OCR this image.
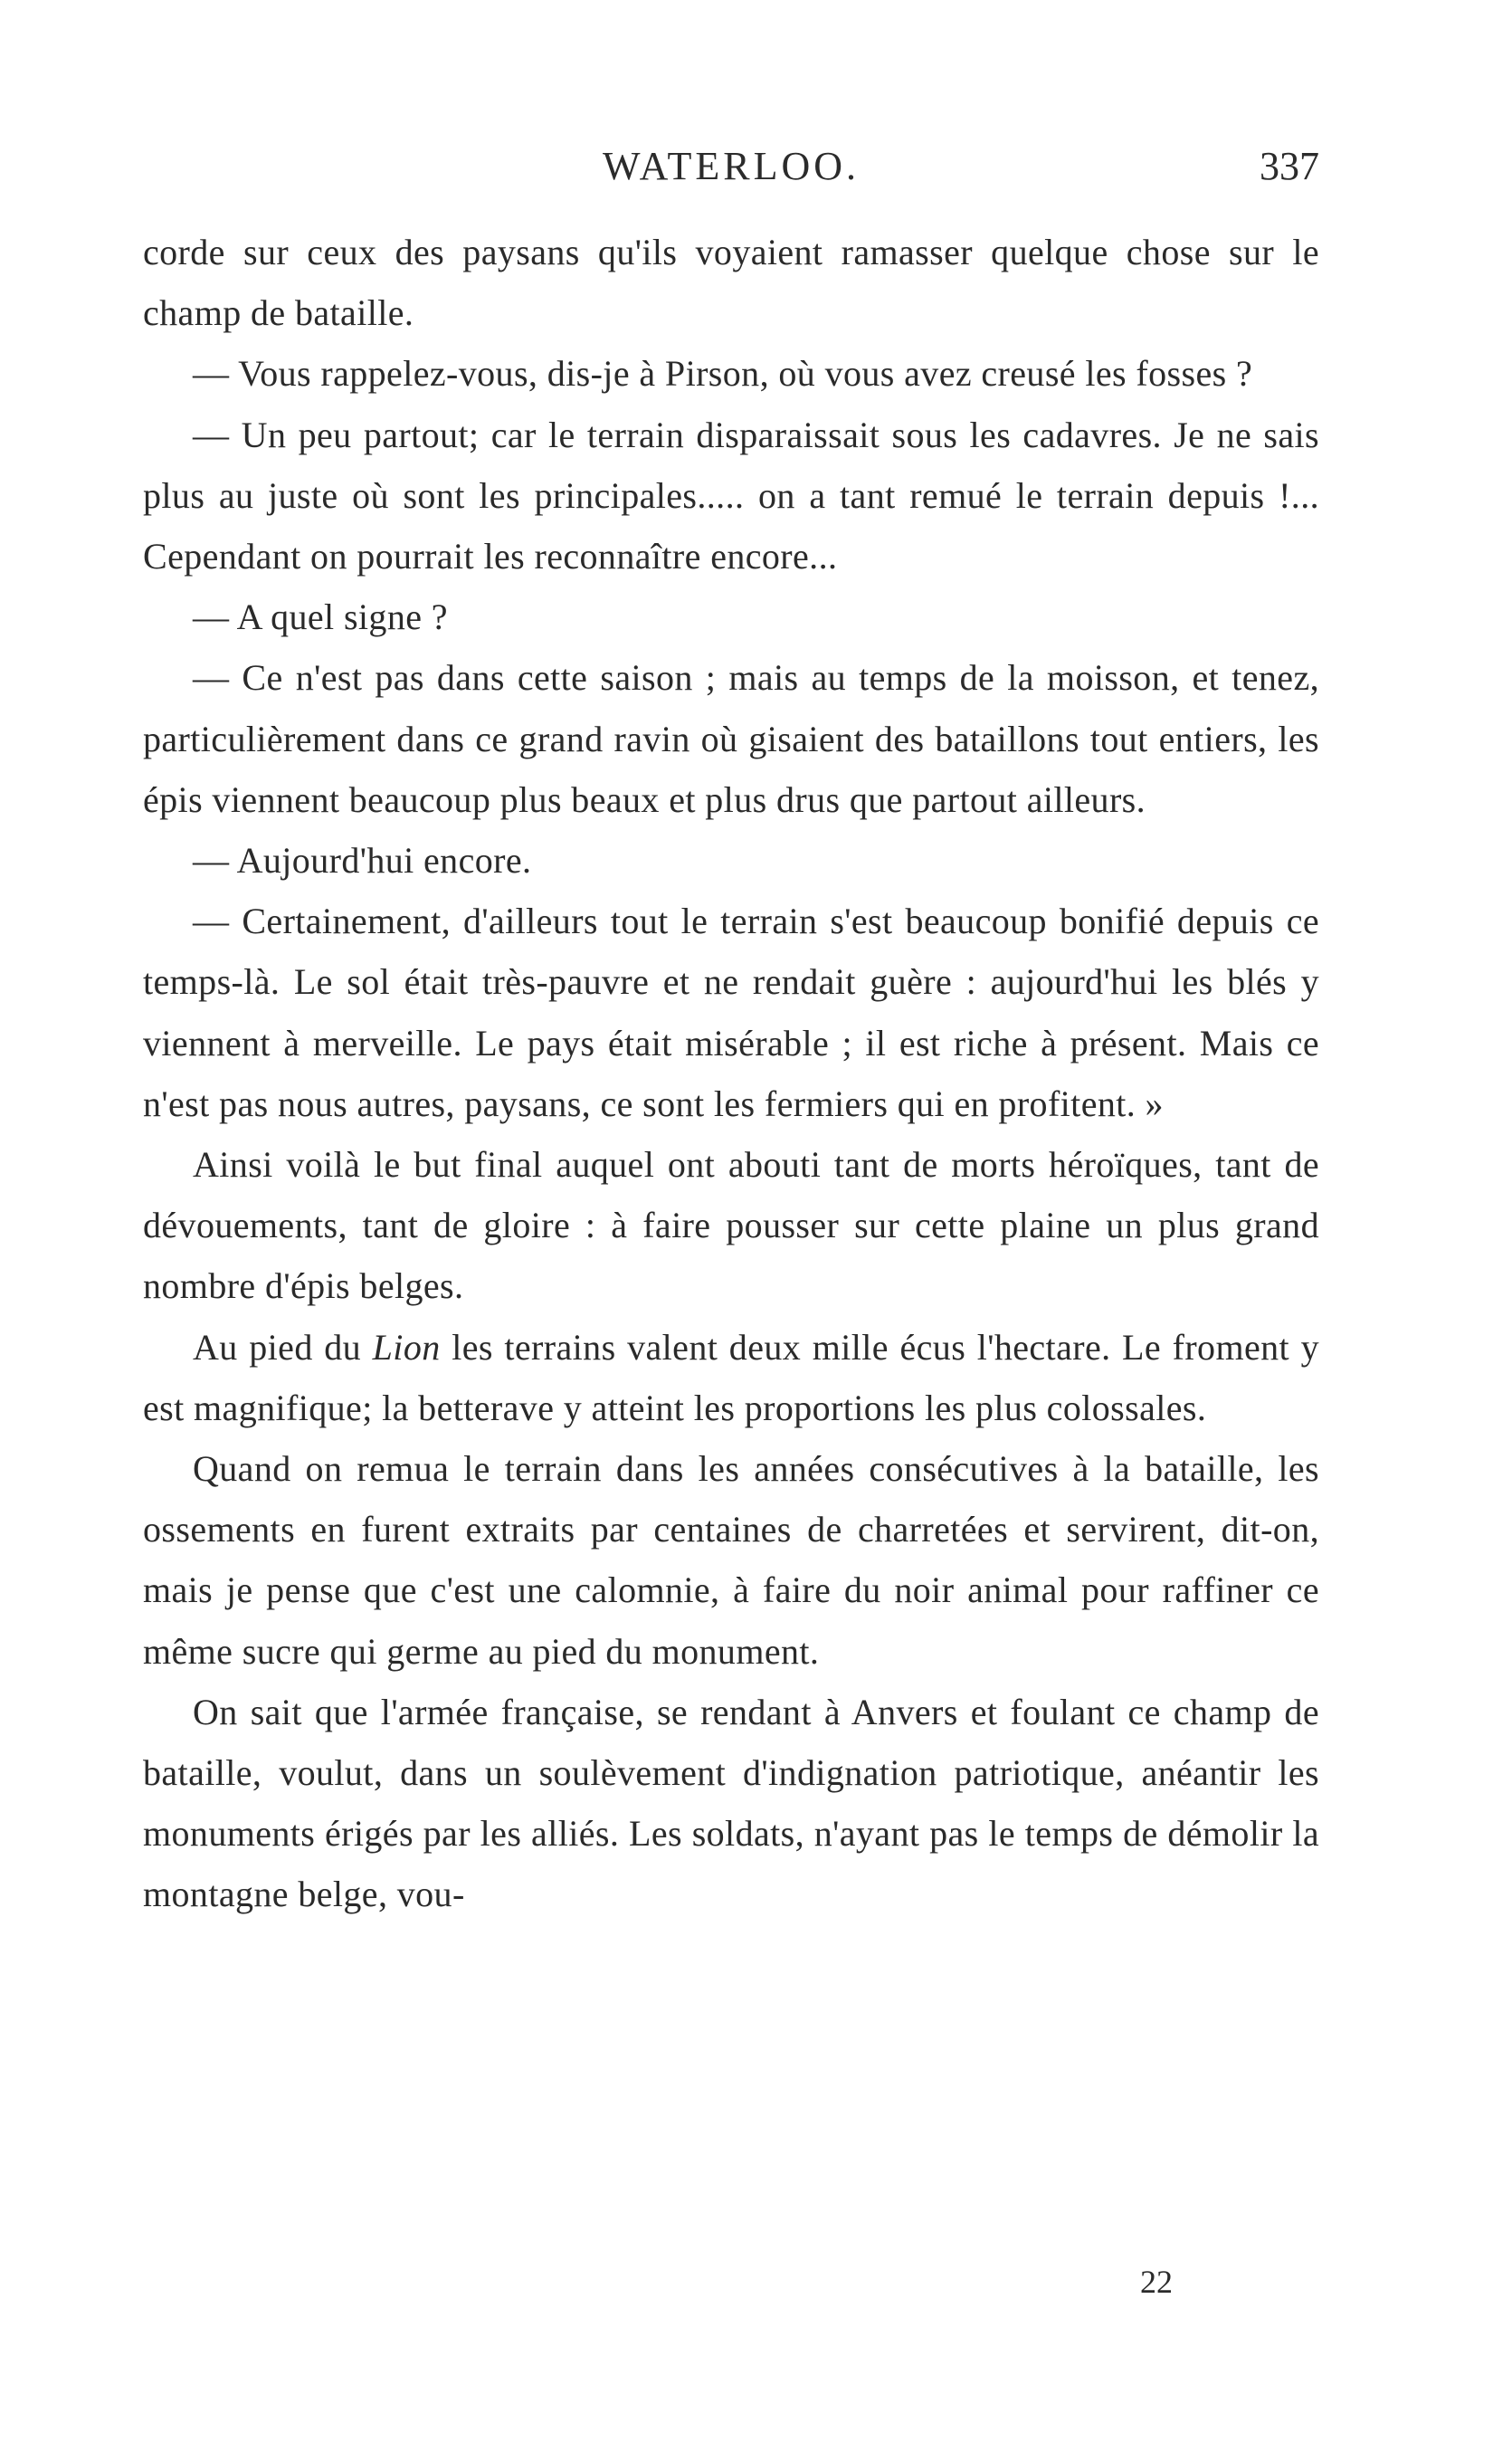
WATERLOO.	337

corde sur ceux des paysans qu'ils voyaient ramasser quelque chose sur le champ de bataille.

— Vous rappelez-vous, dis-je à Pirson, où vous avez creusé les fosses ?

— Un peu partout; car le terrain disparaissait sous les cadavres. Je ne sais plus au juste où sont les principales..... on a tant remué le terrain depuis !... Cependant on pourrait les reconnaître encore...

— A quel signe ?

— Ce n'est pas dans cette saison ; mais au temps de la moisson, et tenez, particulièrement dans ce grand ravin où gisaient des bataillons tout entiers, les épis viennent beaucoup plus beaux et plus drus que partout ailleurs.

— Aujourd'hui encore.

— Certainement, d'ailleurs tout le terrain s'est beaucoup bonifié depuis ce temps-là. Le sol était très-pauvre et ne rendait guère : aujourd'hui les blés y viennent à merveille. Le pays était misérable ; il est riche à présent. Mais ce n'est pas nous autres, paysans, ce sont les fermiers qui en profitent. »

Ainsi voilà le but final auquel ont abouti tant de morts héroïques, tant de dévouements, tant de gloire : à faire pousser sur cette plaine un plus grand nombre d'épis belges.

Au pied du Lion les terrains valent deux mille écus l'hectare. Le froment y est magnifique; la betterave y atteint les proportions les plus colossales.

Quand on remua le terrain dans les années consécutives à la bataille, les ossements en furent extraits par centaines de charretées et servirent, dit-on, mais je pense que c'est une calomnie, à faire du noir animal pour raffiner ce même sucre qui germe au pied du monument.

On sait que l'armée française, se rendant à Anvers et foulant ce champ de bataille, voulut, dans un soulèvement d'indignation patriotique, anéantir les monuments érigés par les alliés. Les soldats, n'ayant pas le temps de démolir la montagne belge, vou-

22
